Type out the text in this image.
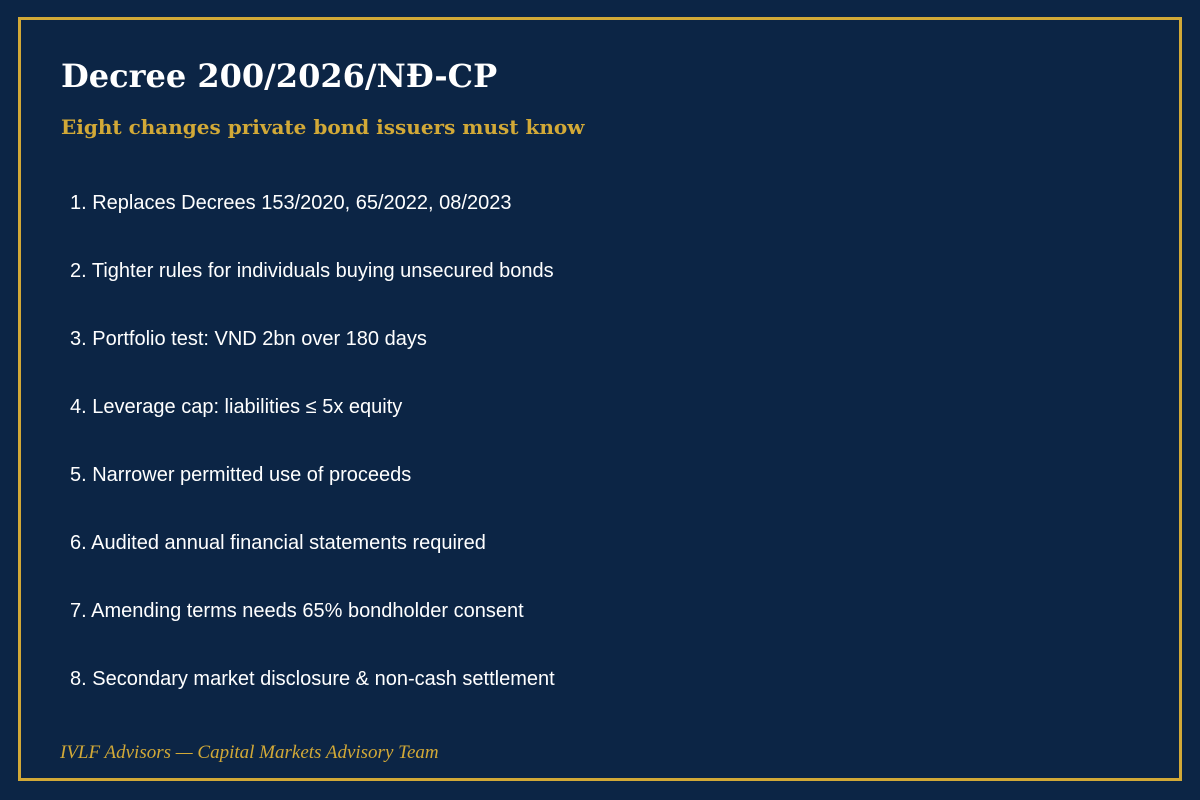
Decree 200/2026/NĐ-CP
Eight changes private bond issuers must know
1. Replaces Decrees 153/2020, 65/2022, 08/2023
2. Tighter rules for individuals buying unsecured bonds
3. Portfolio test: VND 2bn over 180 days
4. Leverage cap: liabilities ≤ 5x equity
5. Narrower permitted use of proceeds
6. Audited annual financial statements required
7. Amending terms needs 65% bondholder consent
8. Secondary market disclosure & non-cash settlement

IVLF Advisors — Capital Markets Advisory Team
